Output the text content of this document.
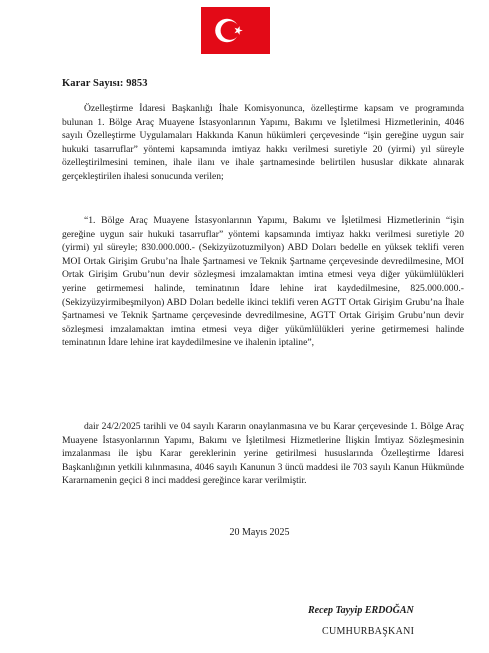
Karar Sayısı: 9853

Özelleştirme İdaresi Başkanlığı İhale Komisyonunca, özelleştirme kapsam ve programında bulunan 1. Bölge Araç Muayene İstasyonlarının Yapımı, Bakımı ve İşletilmesi Hizmetlerinin, 4046 sayılı Özelleştirme Uygulamaları Hakkında Kanun hükümleri çerçevesinde “işin gereğine uygun sair hukuki tasarruflar” yöntemi kapsamında imtiyaz hakkı verilmesi suretiyle 20 (yirmi) yıl süreyle özelleştirilmesini teminen, ihale ilanı ve ihale şartnamesinde belirtilen hususlar dikkate alınarak gerçekleştirilen ihalesi sonucunda verilen;

“1. Bölge Araç Muayene İstasyonlarının Yapımı, Bakımı ve İşletilmesi Hizmetlerinin “işin gereğine uygun sair hukuki tasarruflar” yöntemi kapsamında imtiyaz hakkı verilmesi suretiyle 20 (yirmi) yıl süreyle; 830.000.000.- (Sekizyüzotuzmilyon) ABD Doları bedelle en yüksek teklifi veren MOI Ortak Girişim Grubu’na İhale Şartnamesi ve Teknik Şartname çerçevesinde devredilmesine, MOI Ortak Girişim Grubu’nun devir sözleşmesi imzalamaktan imtina etmesi veya diğer yükümlülükleri yerine getirmemesi halinde, teminatının İdare lehine irat kaydedilmesine, 825.000.000.- (Sekizyüzyirmibeşmilyon) ABD Doları bedelle ikinci teklifi veren AGTT Ortak Girişim Grubu’na İhale Şartnamesi ve Teknik Şartname çerçevesinde devredilmesine, AGTT Ortak Girişim Grubu’nun devir sözleşmesi imzalamaktan imtina etmesi veya diğer yükümlülükleri yerine getirmemesi halinde teminatının İdare lehine irat kaydedilmesine ve ihalenin iptaline”,

dair 24/2/2025 tarihli ve 04 sayılı Kararın onaylanmasına ve bu Karar çerçevesinde 1. Bölge Araç Muayene İstasyonlarının Yapımı, Bakımı ve İşletilmesi Hizmetlerine İlişkin İmtiyaz Sözleşmesinin imzalanması ile işbu Karar gereklerinin yerine getirilmesi hususlarında Özelleştirme İdaresi Başkanlığının yetkili kılınmasına, 4046 sayılı Kanunun 3 üncü maddesi ile 703 sayılı Kanun Hükmünde Kararnamenin geçici 8 inci maddesi gereğince karar verilmiştir.

20 Mayıs 2025
Recep Tayyip ERDOĞAN
CUMHURBAŞKANI
